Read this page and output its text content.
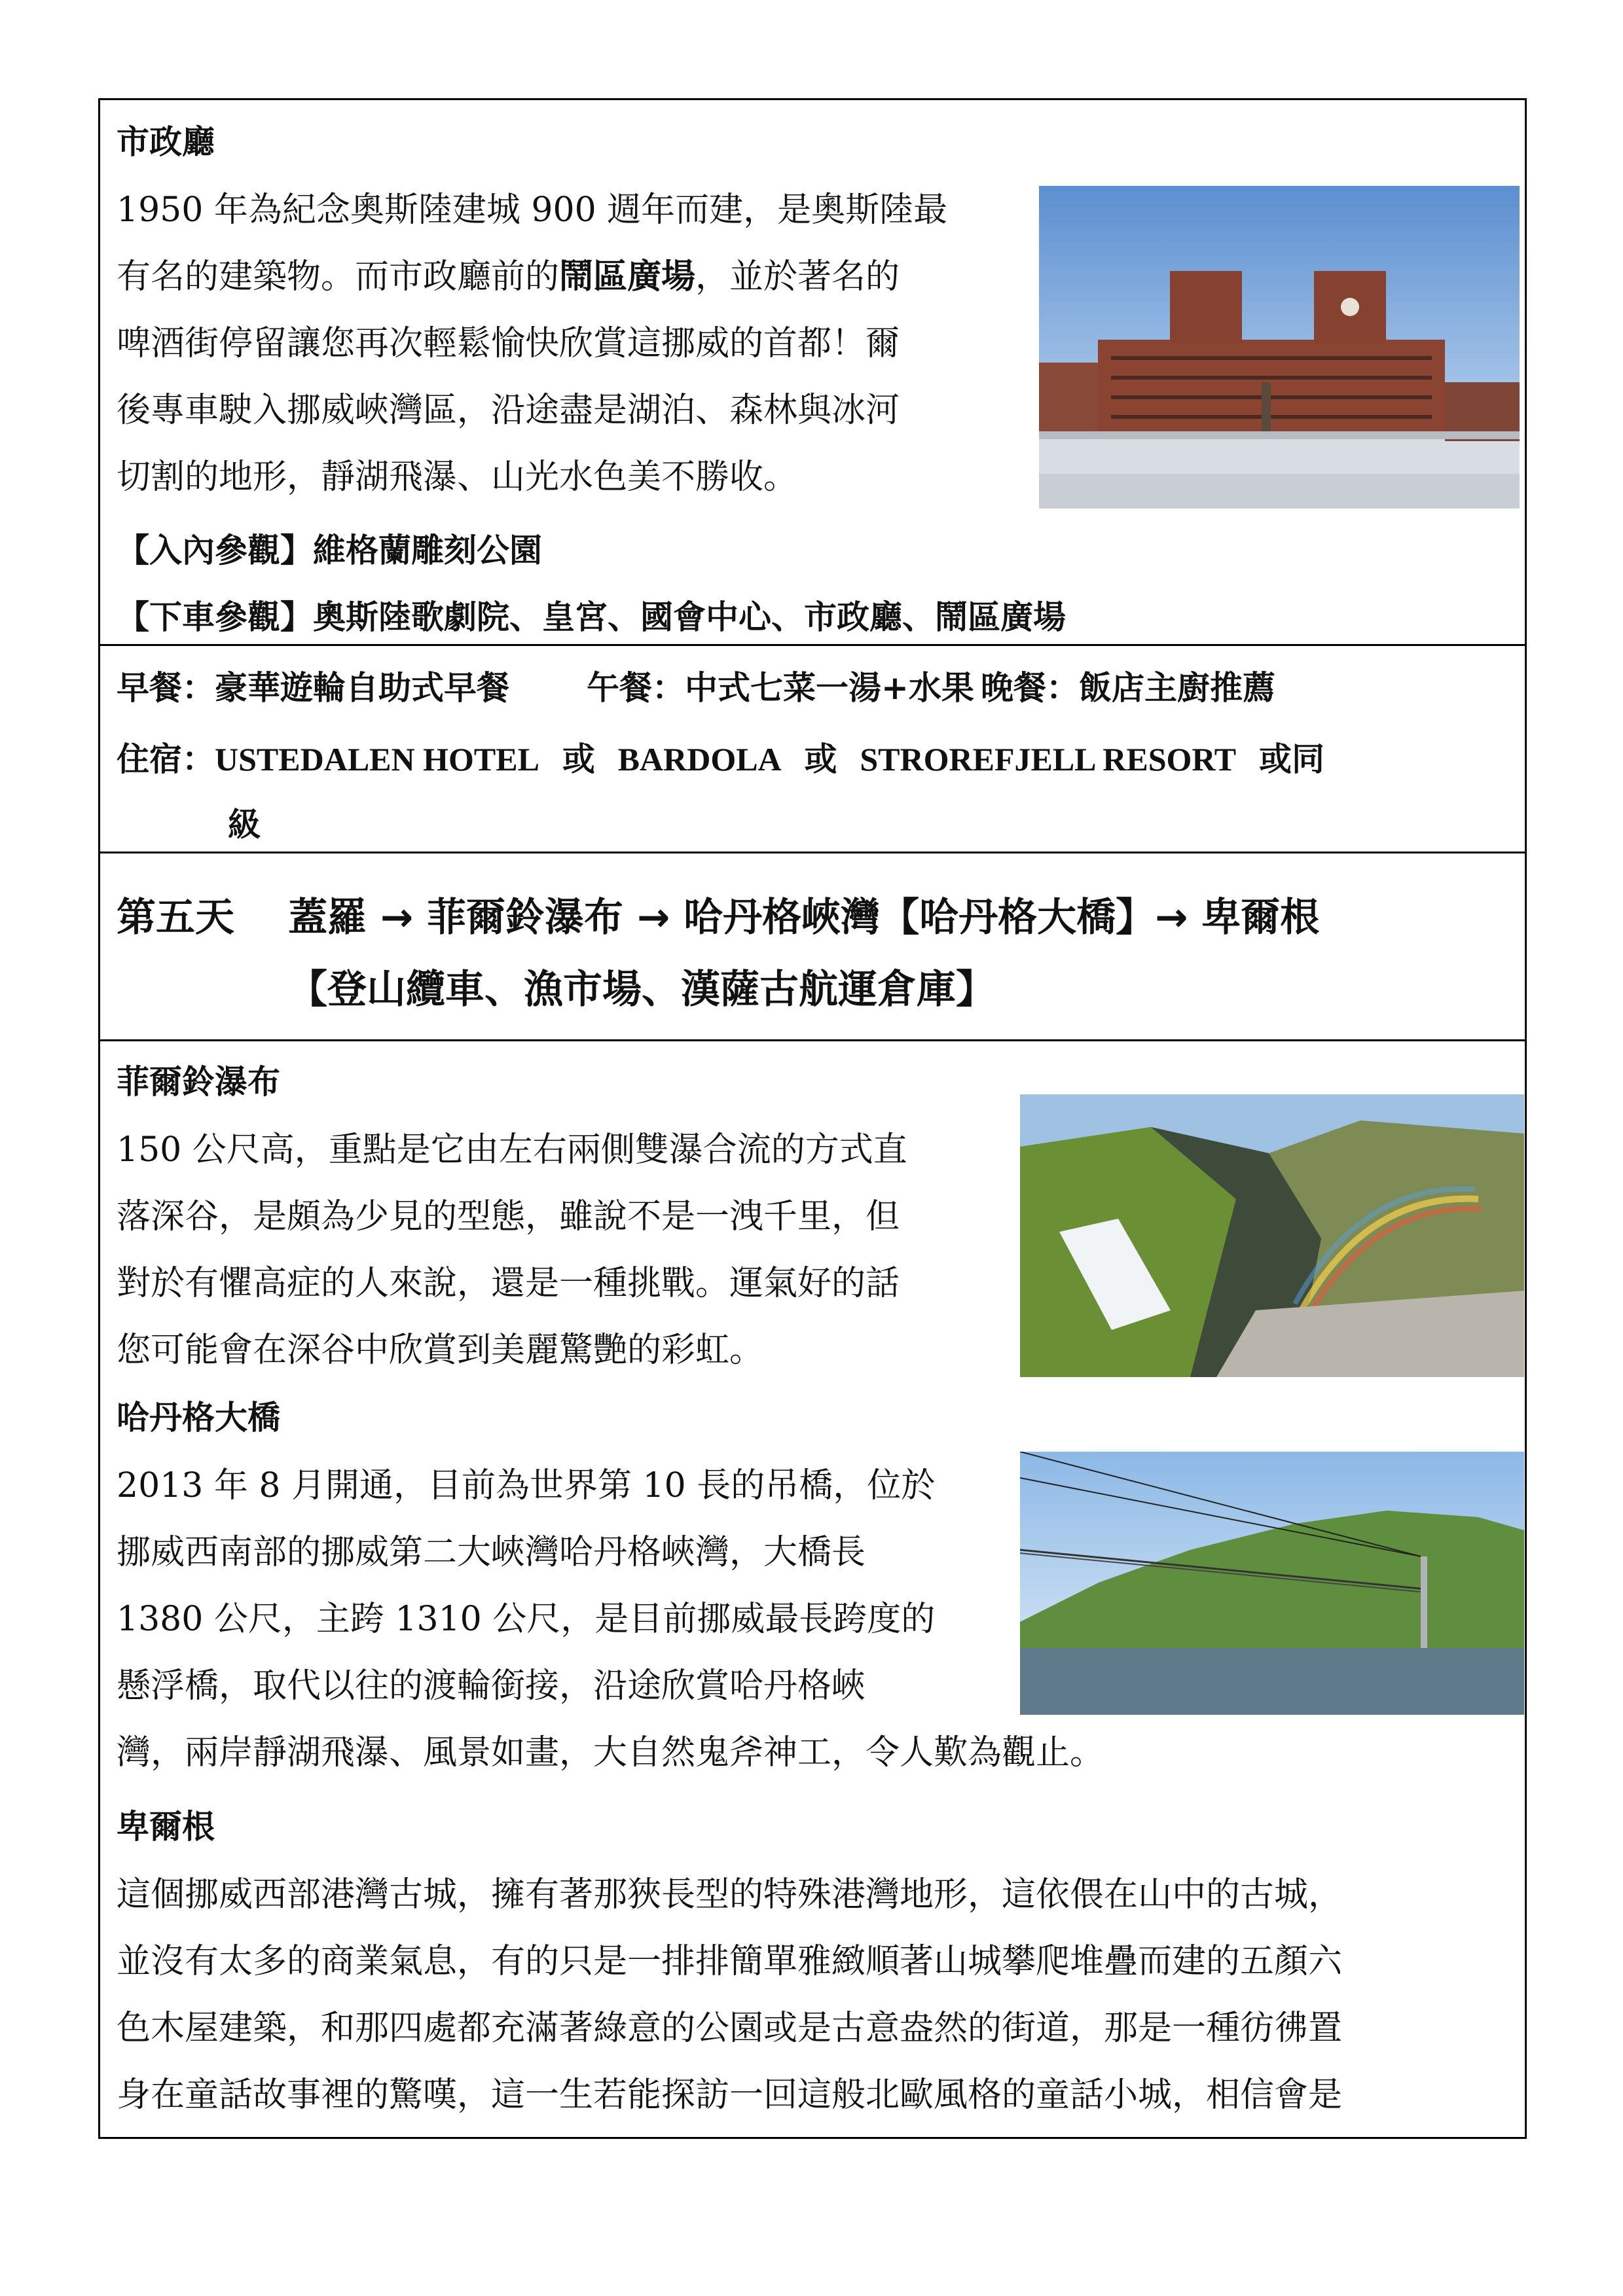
市政廳
1950 年為紀念奧斯陸建城 900 週年而建，是奧斯陸最
有名的建築物。而市政廳前的鬧區廣場，並於著名的
啤酒街停留讓您再次輕鬆愉快欣賞這挪威的首都！爾
後專車駛入挪威峽灣區，沿途盡是湖泊、森林與冰河
切割的地形，靜湖飛瀑、山光水色美不勝收。
【入內參觀】維格蘭雕刻公園
【下車參觀】奧斯陸歌劇院、皇宮、國會中心、市政廳、鬧區廣場
早餐：豪華遊輪自助式早餐 午餐：中式七菜一湯+水果 晚餐：飯店主廚推薦
住宿：USTEDALEN HOTEL 或 BARDOLA 或 STROREFJELL RESORT 或同
級
第五天 蓋羅 → 菲爾鈴瀑布 → 哈丹格峽灣【哈丹格大橋】→ 卑爾根
【登山纜車、漁市場、漢薩古航運倉庫】
菲爾鈴瀑布
150 公尺高，重點是它由左右兩側雙瀑合流的方式直
落深谷，是頗為少見的型態，雖說不是一洩千里，但
對於有懼高症的人來說，還是一種挑戰。運氣好的話
您可能會在深谷中欣賞到美麗驚艷的彩虹。
哈丹格大橋
2013 年 8 月開通，目前為世界第 10 長的吊橋，位於
挪威西南部的挪威第二大峽灣哈丹格峽灣，大橋長
1380 公尺，主跨 1310 公尺，是目前挪威最長跨度的
懸浮橋，取代以往的渡輪銜接，沿途欣賞哈丹格峽
灣，兩岸靜湖飛瀑、風景如畫，大自然鬼斧神工，令人歎為觀止。
卑爾根
這個挪威西部港灣古城，擁有著那狹長型的特殊港灣地形，這依偎在山中的古城，
並沒有太多的商業氣息，有的只是一排排簡單雅緻順著山城攀爬堆疊而建的五顏六
色木屋建築，和那四處都充滿著綠意的公園或是古意盎然的街道，那是一種彷彿置
身在童話故事裡的驚嘆，這一生若能探訪一回這般北歐風格的童話小城，相信會是
